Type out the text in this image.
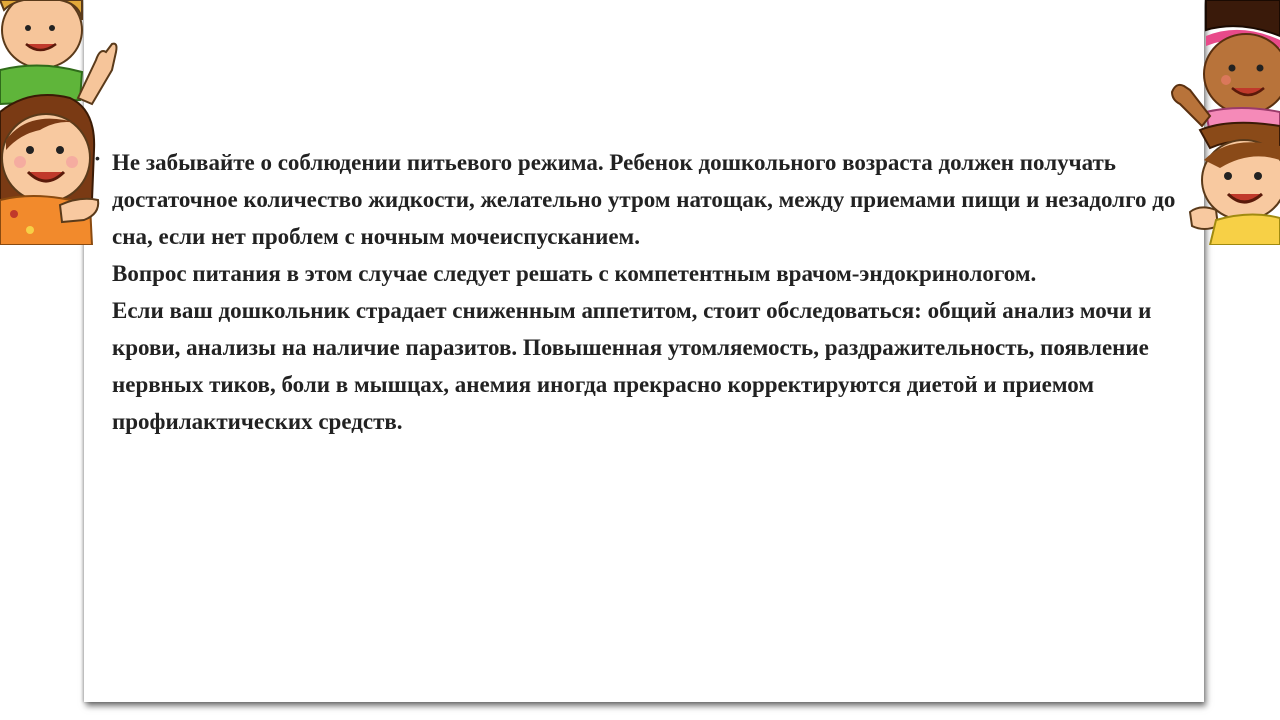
• Не забывайте о соблюдении питьевого режима. Ребенок дошкольного возраста должен получать достаточное количество жидкости, желательно утром натощак, между приемами пищи и незадолго до сна, если нет проблем с ночным мочеиспусканием.

Вопрос питания в этом случае следует решать с компетентным врачом-эндокринологом.

Если ваш дошкольник страдает сниженным аппетитом, стоит обследоваться: общий анализ мочи и крови, анализы на наличие паразитов. Повышенная утомляемость, раздражительность, появление нервных тиков, боли в мышцах, анемия иногда прекрасно корректируются диетой и приемом профилактических средств.
